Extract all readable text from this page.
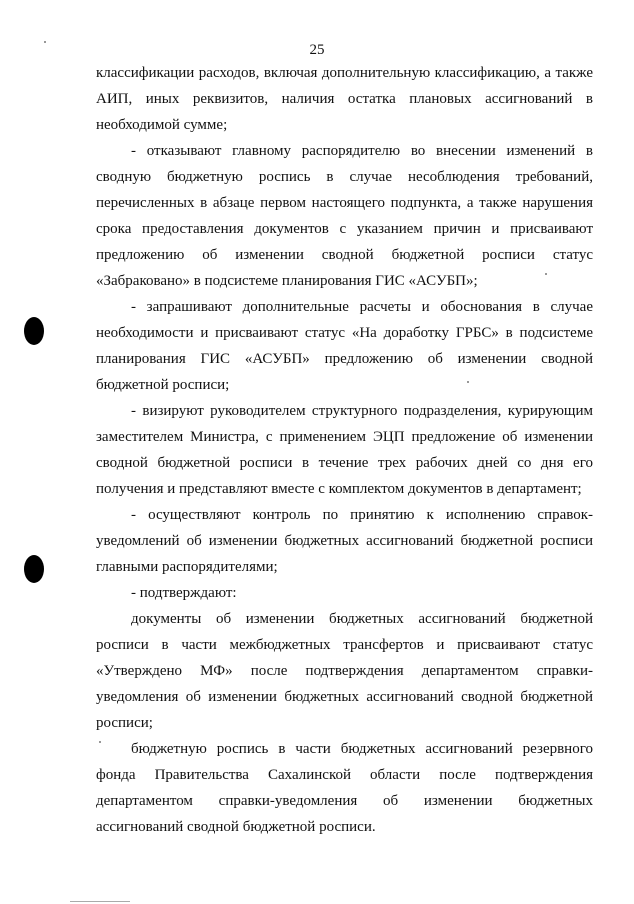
25

классификации расходов, включая дополнительную классификацию, а также АИП, иных реквизитов, наличия остатка плановых ассигнований в необходимой сумме;

- отказывают главному распорядителю во внесении изменений в сводную бюджетную роспись в случае несоблюдения требований, перечисленных в абзаце первом настоящего подпункта, а также нарушения срока предоставления документов с указанием причин и присваивают предложению об изменении сводной бюджетной росписи статус «Забраковано» в подсистеме планирования ГИС «АСУБП»;

- запрашивают дополнительные расчеты и обоснования в случае необходимости и присваивают статус «На доработку ГРБС» в подсистеме планирования ГИС «АСУБП» предложению об изменении сводной бюджетной росписи;

- визируют руководителем структурного подразделения, курирующим заместителем Министра, с применением ЭЦП предложение об изменении сводной бюджетной росписи в течение трех рабочих дней со дня его получения и представляют вместе с комплектом документов в департамент;

- осуществляют контроль по принятию к исполнению справок-уведомлений об изменении бюджетных ассигнований бюджетной росписи главными распорядителями;

- подтверждают:

документы об изменении бюджетных ассигнований бюджетной росписи в части межбюджетных трансфертов и присваивают статус «Утверждено МФ» после подтверждения департаментом справки-уведомления об изменении бюджетных ассигнований сводной бюджетной росписи;

бюджетную роспись в части бюджетных ассигнований резервного фонда Правительства Сахалинской области после подтверждения департаментом справки-уведомления об изменении бюджетных ассигнований сводной бюджетной росписи.
